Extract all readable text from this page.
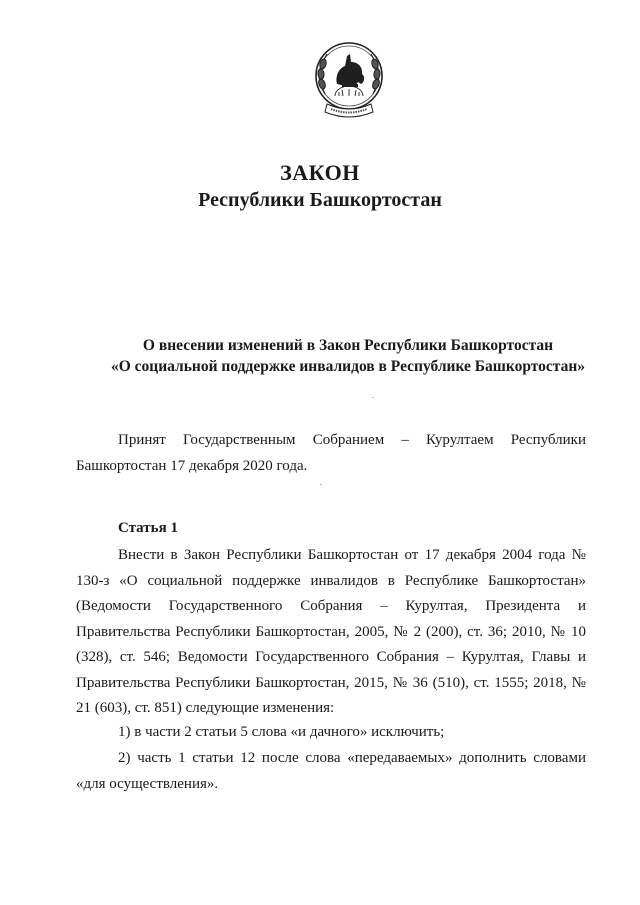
ЗАКОН
Республики Башкортостан
О внесении изменений в Закон Республики Башкортостан
«О социальной поддержке инвалидов в Республике Башкортостан»
Принят Государственным Собранием – Курултаем Республики Башкортостан 17 декабря 2020 года.
Статья 1
Внести в Закон Республики Башкортостан от 17 декабря 2004 года № 130-з «О социальной поддержке инвалидов в Республике Башкортостан» (Ведомости Государственного Собрания – Курултая, Президента и Правительства Республики Башкортостан, 2005, № 2 (200), ст. 36; 2010, № 10 (328), ст. 546; Ведомости Государственного Собрания – Курултая, Главы и Правительства Республики Башкортостан, 2015, № 36 (510), ст. 1555; 2018, № 21 (603), ст. 851) следующие изменения:
1) в части 2 статьи 5 слова «и дачного» исключить;
2) часть 1 статьи 12 после слова «передаваемых» дополнить словами «для осуществления».
